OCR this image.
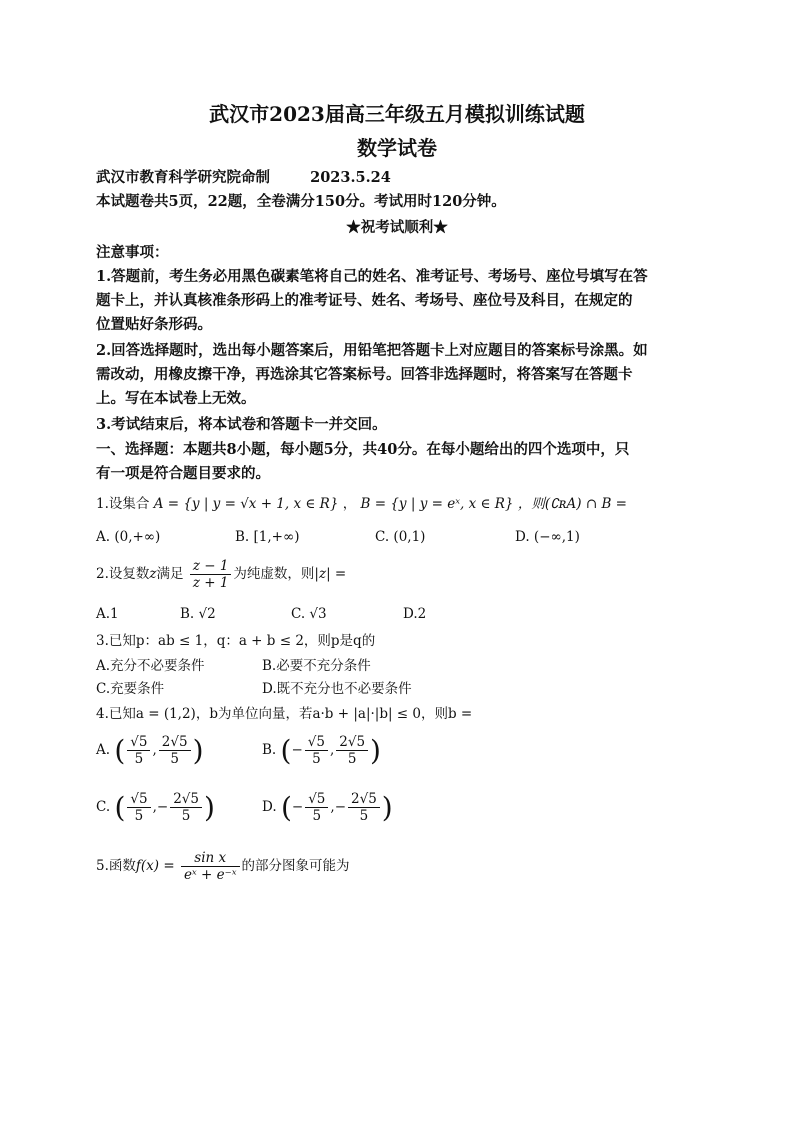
武汉市2023届高三年级五月模拟训练试题
数学试卷
武汉市教育科学研究院命制	2023.5.24
本试题卷共5页，22题，全卷满分150分。考试用时120分钟。
★祝考试顺利★
注意事项：
1.答题前，考生务必用黑色碳素笔将自己的姓名、准考证号、考场号、座位号填写在答
题卡上，并认真核准条形码上的准考证号、姓名、考场号、座位号及科目，在规定的
位置贴好条形码。
2.回答选择题时，选出每小题答案后，用铅笔把答题卡上对应题目的答案标号涂黑。如
需改动，用橡皮擦干净，再选涂其它答案标号。回答非选择题时，将答案写在答题卡
上。写在本试卷上无效。
3.考试结束后，将本试卷和答题卡一并交回。
一、选择题：本题共8小题，每小题5分，共40分。在每小题给出的四个选项中，只
有一项是符合题目要求的。
1.设集合 A = {y | y = √x + 1, x ∈ R} ， B = {y | y = eˣ, x ∈ R} ，则(∁ʀA) ∩ B =
A. (0,+∞)	B. [1,+∞)	C. (0,1)	D. (−∞,1)
2.设复数z满足 $\frac{z - 1}{z + 1}$ 为纯虚数，则|z| =
A.1	B. √2	C. √3	D.2
3.已知p：ab ≤ 1，q：a + b ≤ 2，则p是q的
A.充分不必要条件	B.必要不充分条件
C.充要条件	D.既不充分也不必要条件
4.已知a = (1,2)，b为单位向量，若a·b + |a|·|b| ≤ 0，则b =
A. ( $\frac{√5}{5}$ , $\frac{2√5}{5}$ )	B. (− $\frac{√5}{5}$ , $\frac{2√5}{5}$ )
C. ( $\frac{√5}{5}$ ,− $\frac{2√5}{5}$ )	D. (− $\frac{√5}{5}$ ,− $\frac{2√5}{5}$ )
5.函数$f(x) = \frac{\text{sin x}}{\text{eˣ + e⁻ˣ}}$ 的部分图象可能为
